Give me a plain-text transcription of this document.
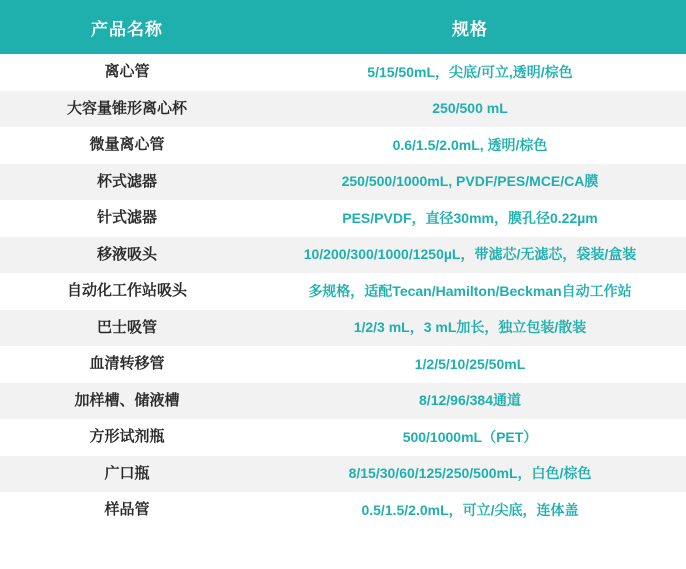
产品名称	规格
离心管	5/15/50mL，尖底/可立,透明/棕色
大容量锥形离心杯	250/500 mL
微量离心管	0.6/1.5/2.0mL, 透明/棕色
杯式滤器	250/500/1000mL, PVDF/PES/MCE/CA膜
针式滤器	PES/PVDF，直径30mm，膜孔径0.22µm
移液吸头	10/200/300/1000/1250µL，带滤芯/无滤芯，袋装/盒装
自动化工作站吸头	多规格，适配Tecan/Hamilton/Beckman自动工作站
巴士吸管	1/2/3 mL，3 mL加长，独立包装/散装
血清转移管	1/2/5/10/25/50mL
加样槽、储液槽	8/12/96/384通道
方形试剂瓶	500/1000mL（PET）
广口瓶	8/15/30/60/125/250/500mL，白色/棕色
样品管	0.5/1.5/2.0mL，可立/尖底，连体盖
